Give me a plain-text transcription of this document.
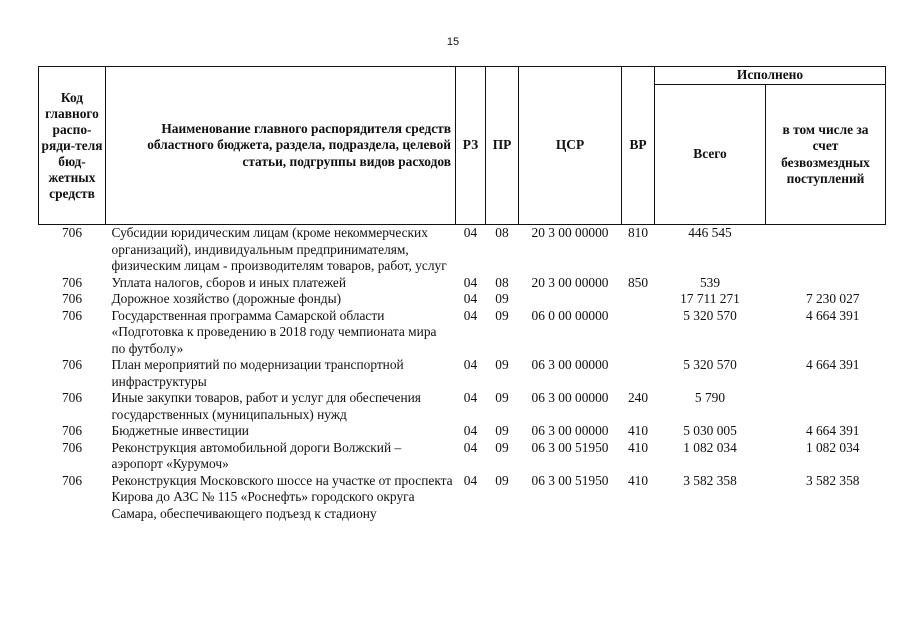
15
Код главного распо-ряди-теля бюд-жетных средств	Наименование главного распорядителя средств областного бюджета, раздела, подраздела, целевой статьи, подгруппы видов расходов	РЗ	ПР	ЦСР	ВР	Исполнено	
						Всего	в том числе за счет безвозмездных поступлений
706	Субсидии юридическим лицам (кроме некоммерческих организаций), индивидуальным предпринимателям, физическим лицам - производителям товаров, работ, услуг	04	08	20 3 00 00000	810	446 545	
706	Уплата налогов, сборов и иных платежей	04	08	20 3 00 00000	850	539	
706	Дорожное хозяйство (дорожные фонды)	04	09			17 711 271	7 230 027
706	Государственная программа Самарской области «Подготовка к проведению в 2018 году чемпионата мира по футболу»	04	09	06 0 00 00000		5 320 570	4 664 391
706	План мероприятий по модернизации транспортной инфраструктуры	04	09	06 3 00 00000		5 320 570	4 664 391
706	Иные закупки товаров, работ и услуг для обеспечения государственных (муниципальных) нужд	04	09	06 3 00 00000	240	5 790	
706	Бюджетные инвестиции	04	09	06 3 00 00000	410	5 030 005	4 664 391
706	Реконструкция автомобильной дороги Волжский – аэропорт «Курумоч»	04	09	06 3 00 51950	410	1 082 034	1 082 034
706	Реконструкция Московского шоссе на участке от проспекта Кирова до АЗС № 115 «Роснефть» городского округа Самара, обеспечивающего подъезд к стадиону	04	09	06 3 00 51950	410	3 582 358	3 582 358
